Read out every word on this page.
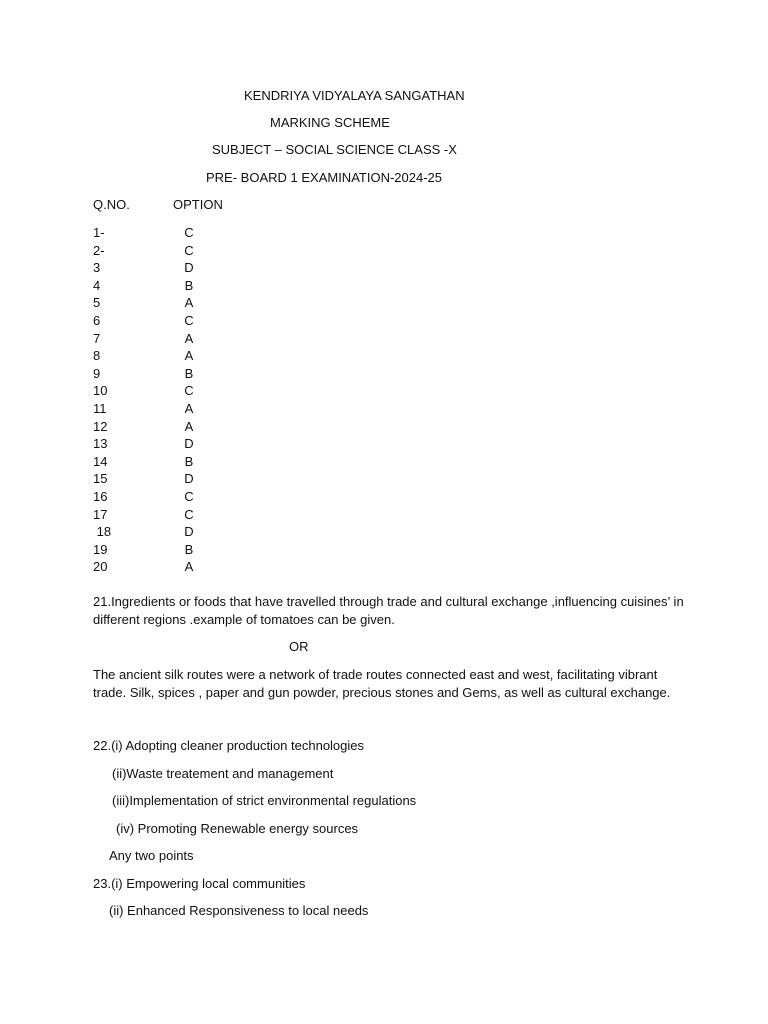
KENDRIYA VIDYALAYA SANGATHAN
MARKING SCHEME
SUBJECT – SOCIAL SCIENCE CLASS -X
PRE- BOARD 1 EXAMINATION-2024-25
Q.NO.	OPTION
1-	C
2-	C
3	D
4	B
5	A
6	C
7	A
8	A
9	B
10	C
11	A
12	A
13	D
14	B
15	D
16	C
17	C
18	D
19	B
20	A
21.Ingredients or foods that have travelled through trade and cultural exchange ,influencing cuisines’ in different regions .example of tomatoes can be given.
OR
The ancient silk routes were a network of trade routes connected east and west, facilitating vibrant trade. Silk, spices , paper and gun powder, precious stones and Gems, as well as cultural exchange.
22.(i) Adopting cleaner production technologies
(ii)Waste treatement and management
(iii)Implementation of strict environmental regulations
(iv) Promoting Renewable energy sources
Any two points
23.(i) Empowering local communities
(ii) Enhanced Responsiveness to local needs
